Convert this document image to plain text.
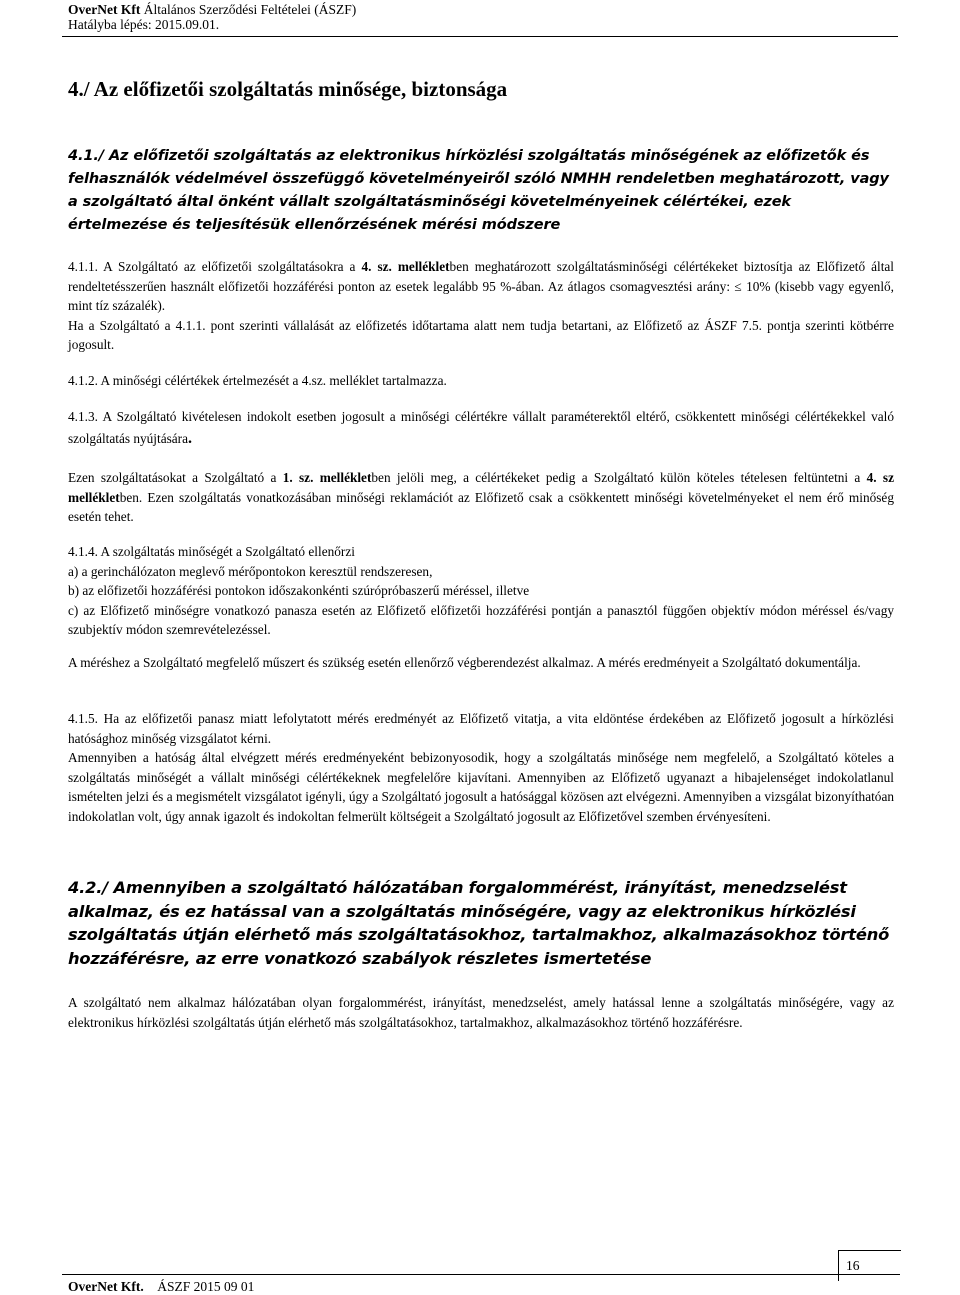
OverNet Kft Általános Szerződési Feltételei (ÁSZF)
Hatályba lépés: 2015.09.01.
4./ Az előfizetői szolgáltatás minősége, biztonsága
4.1./ Az előfizetői szolgáltatás az elektronikus hírközlési szolgáltatás minőségének az előfizetők és felhasználók védelmével összefüggő követelményeiről szóló NMHH rendeletben meghatározott, vagy a szolgáltató által önként vállalt szolgáltatásminőségi követelményeinek célértékei, ezek értelmezése és teljesítésük ellenőrzésének mérési módszere
4.1.1. A Szolgáltató az előfizetői szolgáltatásokra a 4. sz. mellékletben meghatározott szolgáltatásminőségi célértékeket biztosítja az Előfizető által rendeltetésszerűen használt előfizetői hozzáférési ponton az esetek legalább 95 %-ában. Az átlagos csomagvesztési arány: ≤ 10% (kisebb vagy egyenlő, mint tíz százalék).
Ha a Szolgáltató a 4.1.1. pont szerinti vállalását az előfizetés időtartama alatt nem tudja betartani, az Előfizető az ÁSZF 7.5. pontja szerinti kötbérre jogosult.
4.1.2. A minőségi célértékek értelmezését a 4.sz. melléklet tartalmazza.
4.1.3. A Szolgáltató kivételesen indokolt esetben jogosult a minőségi célértékre vállalt paraméterektől eltérő, csökkentett minőségi célértékekkel való szolgáltatás nyújtására.
Ezen szolgáltatásokat a Szolgáltató a 1. sz. mellékletben jelöli meg, a célértékeket pedig a Szolgáltató külön köteles tételesen feltüntetni a 4. sz mellékletben. Ezen szolgáltatás vonatkozásában minőségi reklamációt az Előfizető csak a csökkentett minőségi követelményeket el nem érő minőség esetén tehet.
4.1.4. A szolgáltatás minőségét a Szolgáltató ellenőrzi
a) a gerinchálózaton meglevő mérőpontokon keresztül rendszeresen,
b) az előfizetői hozzáférési pontokon időszakonkénti szúrópróbaszerű méréssel, illetve
c) az Előfizető minőségre vonatkozó panasza esetén az Előfizető előfizetői hozzáférési pontján a panasztól függően objektív módon méréssel és/vagy szubjektív módon szemrevételezéssel.
A méréshez a Szolgáltató megfelelő műszert és szükség esetén ellenőrző végberendezést alkalmaz. A mérés eredményeit a Szolgáltató dokumentálja.
4.1.5. Ha az előfizetői panasz miatt lefolytatott mérés eredményét az Előfizető vitatja, a vita eldöntése érdekében az Előfizető jogosult a hírközlési hatósághoz minőség vizsgálatot kérni.
Amennyiben a hatóság által elvégzett mérés eredményeként bebizonyosodik, hogy a szolgáltatás minősége nem megfelelő, a Szolgáltató köteles a szolgáltatás minőségét a vállalt minőségi célértékeknek megfelelőre kijavítani. Amennyiben az Előfizető ugyanazt a hibajelenséget indokolatlanul ismételten jelzi és a megismételt vizsgálatot igényli, úgy a Szolgáltató jogosult a hatósággal közösen azt elvégezni. Amennyiben a vizsgálat bizonyíthatóan indokolatlan volt, úgy annak igazolt és indokoltan felmerült költségeit a Szolgáltató jogosult az Előfizetővel szemben érvényesíteni.
4.2./ Amennyiben a szolgáltató hálózatában forgalommérést, irányítást, menedzselést alkalmaz, és ez hatással van a szolgáltatás minőségére, vagy az elektronikus hírközlési szolgáltatás útján elérhető más szolgáltatásokhoz, tartalmakhoz, alkalmazásokhoz történő hozzáférésre, az erre vonatkozó szabályok részletes ismertetése
A szolgáltató nem alkalmaz hálózatában olyan forgalommérést, irányítást, menedzselést, amely hatással lenne a szolgáltatás minőségére, vagy az elektronikus hírközlési szolgáltatás útján elérhető más szolgáltatásokhoz, tartalmakhoz, alkalmazásokhoz történő hozzáférésre.
16
OverNet Kft. ÁSZF 2015 09 01
